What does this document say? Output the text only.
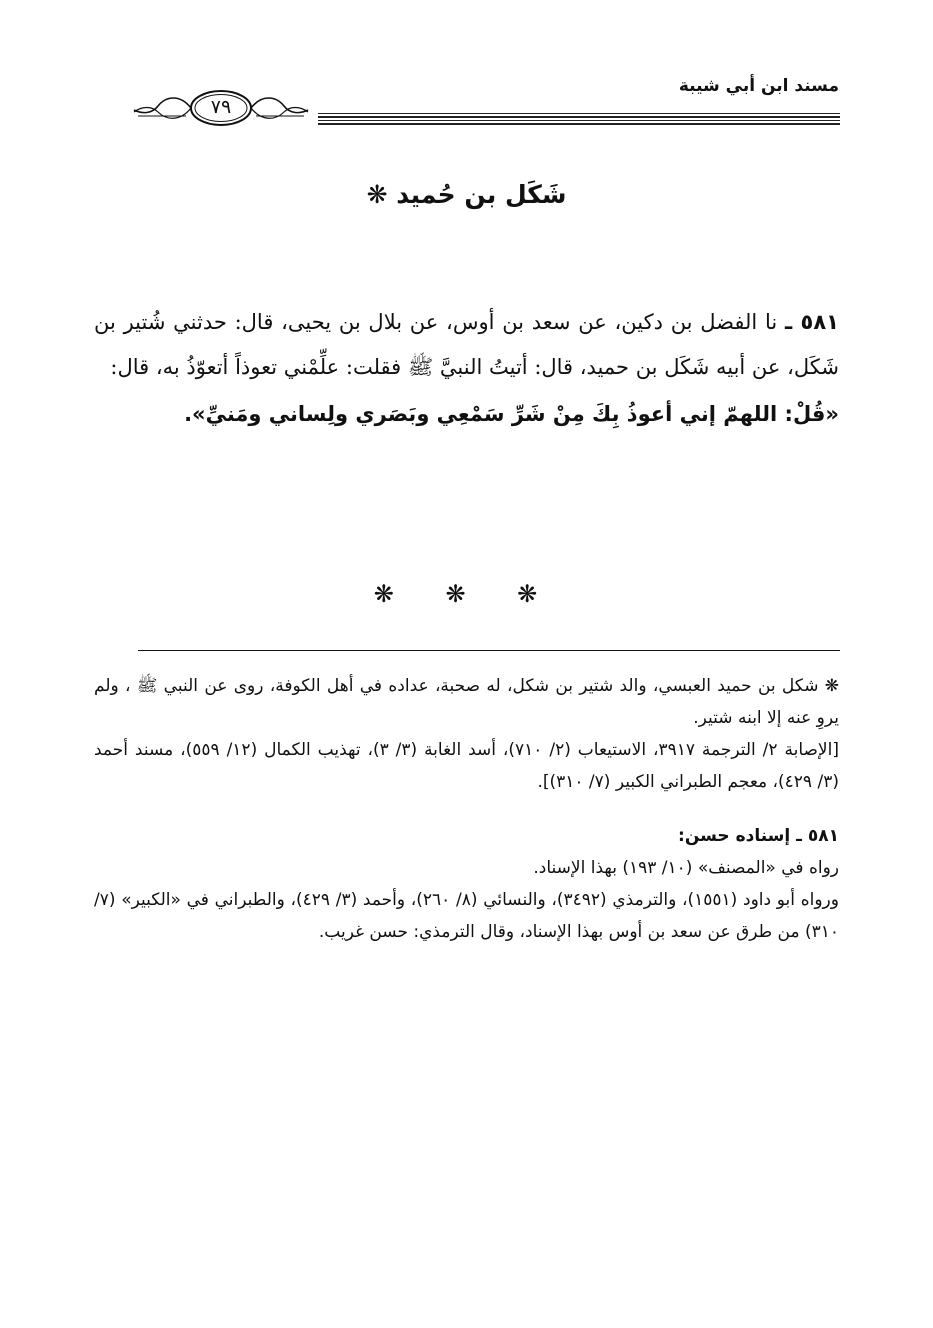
مسند ابن أبي شيبة
٧٩
شَكَل بن حُميد ❋

٥٨١ ـ نا الفضل بن دكين، عن سعد بن أوس، عن بلال بن يحيى، قال: حدثني شُتير بن شَكَل، عن أبيه شَكَل بن حميد، قال: أتيتُ النبيَّ ﷺ فقلت: علِّمْني تعوذاً أتعوّذُ به، قال:

«قُلْ: اللهمّ إني أعوذُ بِكَ مِنْ شَرِّ سَمْعِي وبَصَري ولِساني ومَنيِّ».

❋ ❋ ❋

❋ شكل بن حميد العبسي، والد شتير بن شكل، له صحبة، عداده في أهل الكوفة، روى عن النبي ﷺ ، ولم يروِ عنه إلا ابنه شتير.

[الإصابة ٢/ الترجمة ٣٩١٧، الاستيعاب (٢/ ٧١٠)، أسد الغابة (٣/ ٣)، تهذيب الكمال (١٢/ ٥٥٩)، مسند أحمد (٣/ ٤٢٩)، معجم الطبراني الكبير (٧/ ٣١٠)].

٥٨١ ـ إسناده حسن:

رواه في «المصنف» (١٠/ ١٩٣) بهذا الإسناد.

ورواه أبو داود (١٥٥١)، والترمذي (٣٤٩٢)، والنسائي (٨/ ٢٦٠)، وأحمد (٣/ ٤٢٩)، والطبراني في «الكبير» (٧/ ٣١٠) من طرق عن سعد بن أوس بهذا الإسناد، وقال الترمذي: حسن غريب.
